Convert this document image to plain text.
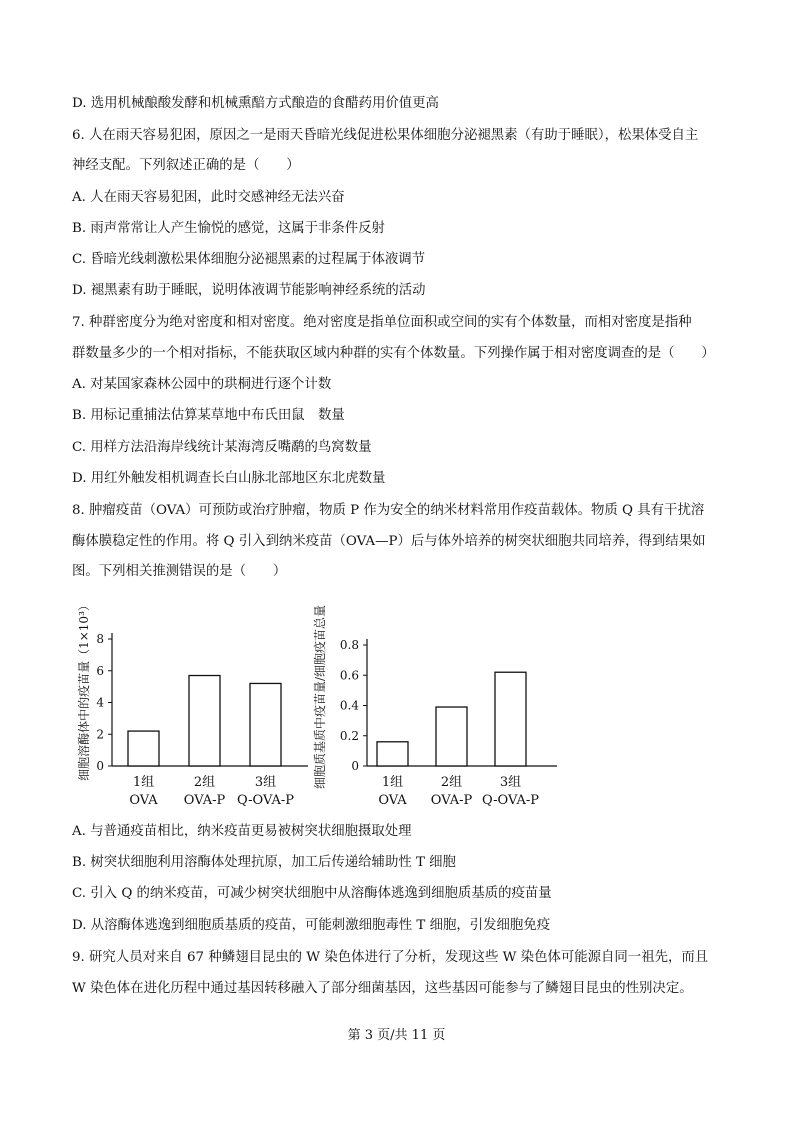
D. 选用机械酿酸发酵和机械熏醅方式酿造的食醋药用价值更高
6. 人在雨天容易犯困，原因之一是雨天昏暗光线促进松果体细胞分泌褪黑素（有助于睡眠），松果体受自主
神经支配。下列叙述正确的是（　　）
A. 人在雨天容易犯困，此时交感神经无法兴奋
B. 雨声常常让人产生愉悦的感觉，这属于非条件反射
C. 昏暗光线刺激松果体细胞分泌褪黑素的过程属于体液调节
D. 褪黑素有助于睡眠，说明体液调节能影响神经系统的活动
7. 种群密度分为绝对密度和相对密度。绝对密度是指单位面积或空间的实有个体数量，而相对密度是指种
群数量多少的一个相对指标，不能获取区域内种群的实有个体数量。下列操作属于相对密度调查的是（　　）
A. 对某国家森林公园中的珙桐进行逐个计数
B. 用标记重捕法估算某草地中布氏田鼠　数量
C. 用样方法沿海岸线统计某海湾反嘴鹬的鸟窝数量
D. 用红外触发相机调查长白山脉北部地区东北虎数量
8. 肿瘤疫苗（OVA）可预防或治疗肿瘤，物质 P 作为安全的纳米材料常用作疫苗载体。物质 Q 具有干扰溶
酶体膜稳定性的作用。将 Q 引入到纳米疫苗（OVA—P）后与体外培养的树突状细胞共同培养，得到结果如
图。下列相关推测错误的是（　　）
细胞溶酶体中的疫苗量（1×10³） 0
2
4
6
8
1组
OVA
2组
OVA-P
3组
Q-OVA-P
细胞质基质中疫苗量/细胞疫苗总量 0
0.2
0.4
0.6
0.8
1组
OVA
2组
OVA-P
3组
Q-OVA-P
A. 与普通疫苗相比，纳米疫苗更易被树突状细胞摄取处理
B. 树突状细胞利用溶酶体处理抗原，加工后传递给辅助性 T 细胞
C. 引入 Q 的纳米疫苗，可减少树突状细胞中从溶酶体逃逸到细胞质基质的疫苗量
D. 从溶酶体逃逸到细胞质基质的疫苗，可能刺激细胞毒性 T 细胞，引发细胞免疫
9. 研究人员对来自 67 种鳞翅目昆虫的 W 染色体进行了分析，发现这些 W 染色体可能源自同一祖先，而且
W 染色体在进化历程中通过基因转移融入了部分细菌基因，这些基因可能参与了鳞翅目昆虫的性别决定。
第 3 页/共 11 页
